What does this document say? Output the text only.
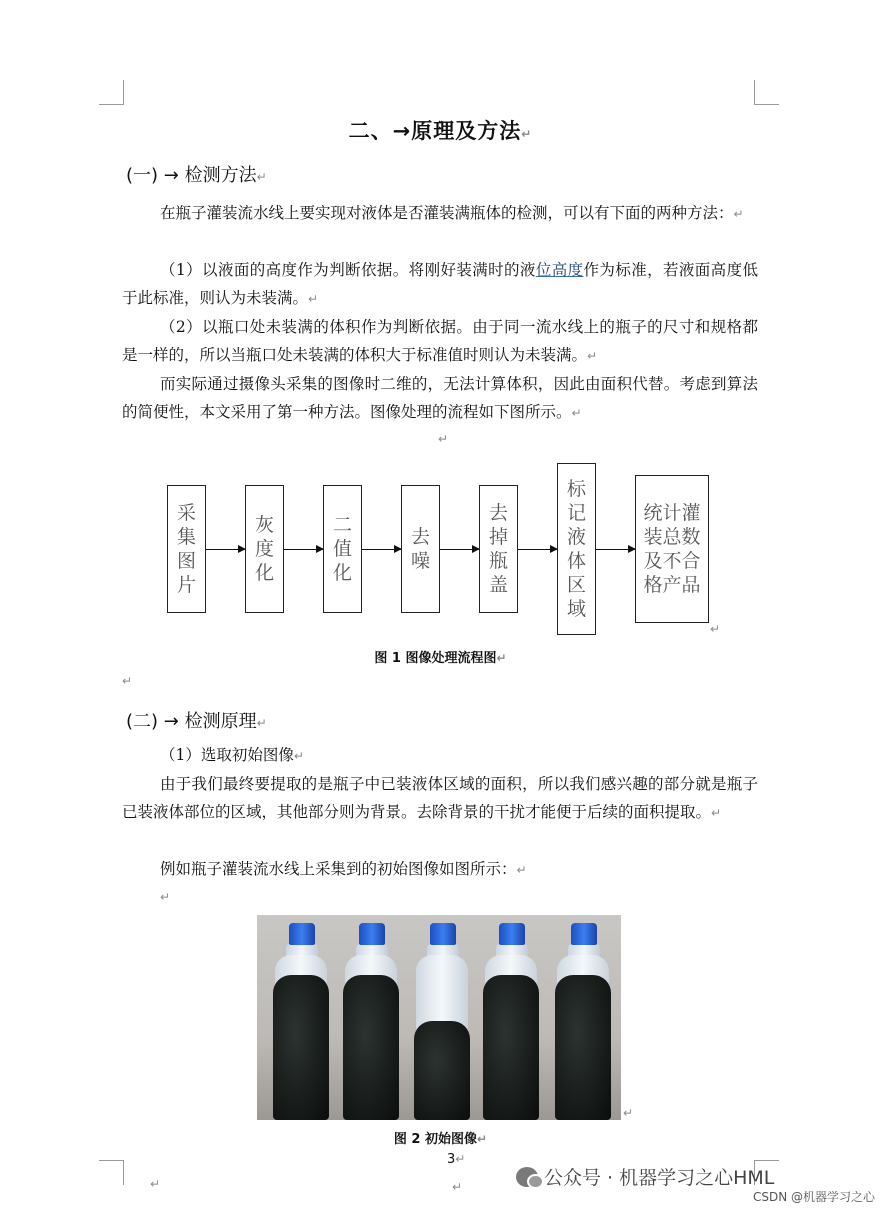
二、→原理及方法↵
(一) → 检测方法↵

在瓶子灌装流水线上要实现对液体是否灌装满瓶体的检测，可以有下面的两种方法：↵

（1）以液面的高度作为判断依据。将刚好装满时的液位高度作为标准，若液面高度低于此标准，则认为未装满。↵

（2）以瓶口处未装满的体积作为判断依据。由于同一流水线上的瓶子的尺寸和规格都是一样的，所以当瓶口处未装满的体积大于标准值时则认为未装满。↵

而实际通过摄像头采集的图像时二维的，无法计算体积，因此由面积代替。考虑到算法的简便性，本文采用了第一种方法。图像处理的流程如下图所示。↵

↵
采集图片
灰度化
二值化
去噪
去掉瓶盖
标记液体区域
统计灌装总数及不合格产品
↵
图 1 图像处理流程图↵
↵
(二) → 检测原理↵

（1）选取初始图像↵

由于我们最终要提取的是瓶子中已装液体区域的面积，所以我们感兴趣的部分就是瓶子已装液体部位的区域，其他部分则为背景。去除背景的干扰才能便于后续的面积提取。↵

例如瓶子灌装流水线上采集到的初始图像如图所示：↵

↵
↵
图 2 初始图像↵
3↵
↵	↵	公众号 · 机器学习之心HML
CSDN @机器学习之心
